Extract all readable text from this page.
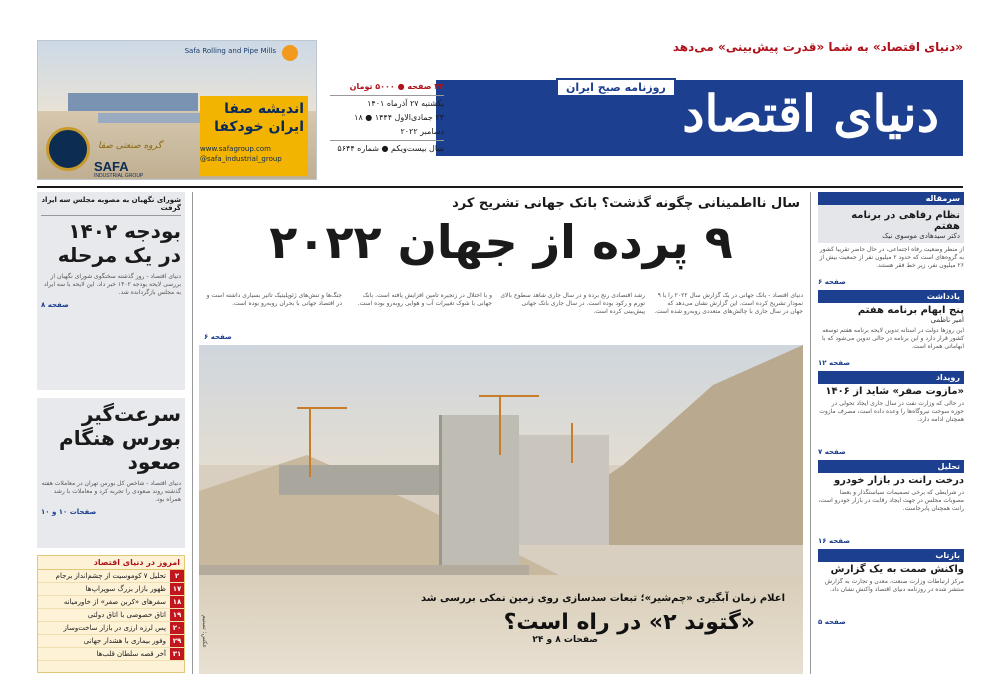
Safa Rolling and Pipe Mills
اندیشه صفا
ایران خودکفا
www.safagroup.com
@safa_industrial_group
گروه صنعتی صفا
SAFA
INDUSTRIAL GROUP
«دنیای اقتصاد» به شما «قدرت پیش‌بینی» می‌دهد
دنیای اقتصاد
روزنامه صبح ایران
۳۲ صفحه ● ۵۰۰۰ تومان
یکشنبه ۲۷ آذرماه ۱۴۰۱
۲۳ جمادی‌الاول ۱۴۴۴ ● ۱۸ دسامبر ۲۰۲۲
سال بیست‌ویکم ● شماره ۵۶۴۴
شورای نگهبان به مصوبه مجلس سه ایراد گرفت
بودجه ۱۴۰۲ در یک مرحله
دنیای اقتصاد - روز گذشته سخنگوی شورای نگهبان از بررسی لایحه بودجه ۱۴۰۲ خبر داد. این لایحه با سه ایراد به مجلس بازگردانده شد.
صفحه ۸
سرعت‌گیر بورس هنگام صعود
دنیای اقتصاد - شاخص کل بورس تهران در معاملات هفته گذشته روند صعودی را تجربه کرد و معاملات با رشد همراه بود.
صفحات ۱۰ و ۱۰
امروز در دنیای اقتصاد
۲
تحلیل ۷ کوموسیت از چشم‌انداز برجام
۱۷
ظهور بازار بزرگ سوپراپ‌ها
۱۸
سفرهای «کربن صفر» از خاورمیانه
۱۹
اتاق خصوصی با اتاق دولتی
۲۰
پس لرزه ارزی در بازار ساخت‌وساز
۲۹
وفور بیماری با هشدار جهانی
۳۱
آخر قصه سلطان قلب‌ها
سال نااطمینانی چگونه گذشت؟ بانک جهانی تشریح کرد
۹ پرده از جهان ۲۰۲۲
دنیای اقتصاد - بانک جهانی در یک گزارش سال ۲۰۲۲ را با ۹ نمودار تشریح کرده است. این گزارش نشان می‌دهد که جهان در سال جاری با چالش‌های متعددی روبه‌رو شده است.
رشد اقتصادی رنج برده و در سال جاری شاهد سطوح بالای تورم و رکود بوده است. در سال جاری بانک جهانی پیش‌بینی کرده است.
و با اختلال در زنجیره تأمین افزایش یافته است. بانک جهانی با شوک تغییرات آب و هوایی روبه‌رو بوده است.
جنگ‌ها و تنش‌های ژئوپلیتیک تأثیر بسیاری داشته است و در اقتصاد جهانی با بحران روبه‌رو بوده است.
صفحه ۶
عکس: تسنیم
اعلام زمان آبگیری «چم‌شیر»؛ تبعات سدسازی روی زمین نمکی بررسی شد
«گتوند ۲» در راه است؟
صفحات ۸ و ۲۴
سرمقاله
نظام رفاهی در برنامه هفتم
دکتر سیدهادی موسوی نیک
از منظر وضعیت رفاه اجتماعی، در حال حاضر تقریباً کشور به گروه‌های است که حدود ۲ میلیون نفر از جمعیت بیش از ۲۶ میلیون نفر، زیر خط فقر هستند.
صفحه ۶
یادداشت
پنج ابهام برنامه هفتم
امیر ناظمی
این روزها دولت در آستانه تدوین لایحه برنامه هفتم توسعه کشور قرار دارد و این برنامه در حالی تدوین می‌شود که با ابهاماتی همراه است.
صفحه ۱۲
رویداد
«مازوت صفر» شاید از ۱۴۰۶
در حالی که وزارت نفت در سال جاری ایجاد تحولی در حوزه سوخت نیروگاه‌ها را وعده داده است، مصرف مازوت همچنان ادامه دارد.
صفحه ۷
تحلیل
درخت رانت در بازار خودرو
در شرایطی که برخی تصمیمات سیاستگذار و بعضاً مصوبات مجلس در جهت ایجاد رقابت در بازار خودرو است، رانت همچنان پابرجاست.
صفحه ۱۶
بازتاب
واکنش صمت به یک گزارش
مرکز ارتباطات وزارت صنعت، معدن و تجارت به گزارش منتشر شده در روزنامه دنیای اقتصاد واکنش نشان داد.
صفحه ۵
